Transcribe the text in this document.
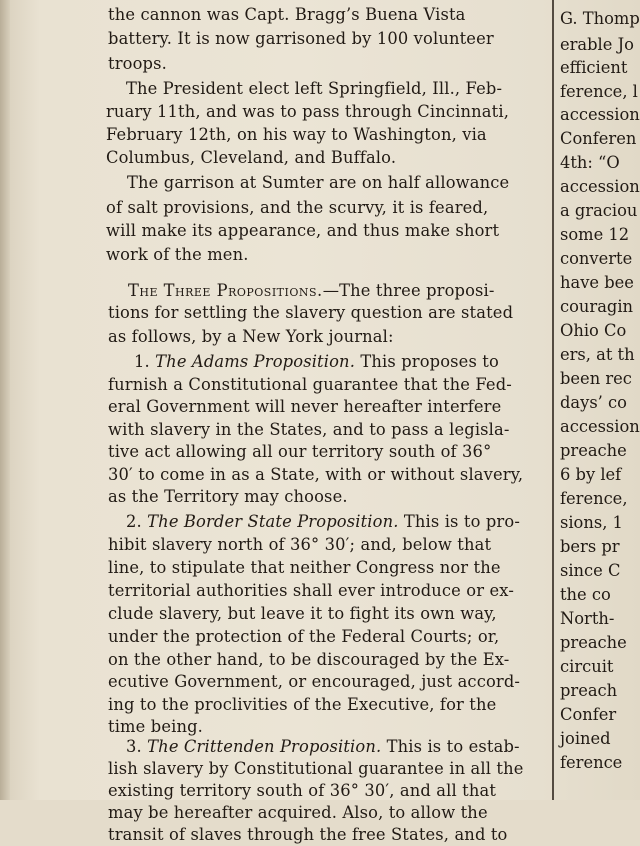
the cannon was Capt. Bragg’s Buena Vista
battery. It is now garrisoned by 100 volunteer
troops.
The President elect left Springfield, Ill., Feb-
ruary 11th, and was to pass through Cincinnati,
February 12th, on his way to Washington, via
Columbus, Cleveland, and Buffalo.
The garrison at Sumter are on half allowance
of salt provisions, and the scurvy, it is feared,
will make its appearance, and thus make short
work of the men.
The Three Propositions.—The three proposi-
tions for settling the slavery question are stated
as follows, by a New York journal:
1. The Adams Proposition. This proposes to
furnish a Constitutional guarantee that the Fed-
eral Government will never hereafter interfere
with slavery in the States, and to pass a legisla-
tive act allowing all our territory south of 36°
30′ to come in as a State, with or without slavery,
as the Territory may choose.
2. The Border State Proposition. This is to pro-
hibit slavery north of 36° 30′; and, below that
line, to stipulate that neither Congress nor the
territorial authorities shall ever introduce or ex-
clude slavery, but leave it to fight its own way,
under the protection of the Federal Courts; or,
on the other hand, to be discouraged by the Ex-
ecutive Government, or encouraged, just accord-
ing to the proclivities of the Executive, for the
time being.
3. The Crittenden Proposition. This is to estab-
lish slavery by Constitutional guarantee in all the
existing territory south of 36° 30′, and all that
may be hereafter acquired. Also, to allow the
transit of slaves through the free States, and to
G. Thomp
erable Jo
efficient
ference, l
accession
Conferen
4th: “O
accession
a graciou
some 12
converte
have bee
couragin
Ohio Co
ers, at th
been rec
days’ co
accession
preache
6 by lef
ference,
sions, 1
bers pr
since C
the co
North-
preache
circuit
preach
Confer
joined
ference
